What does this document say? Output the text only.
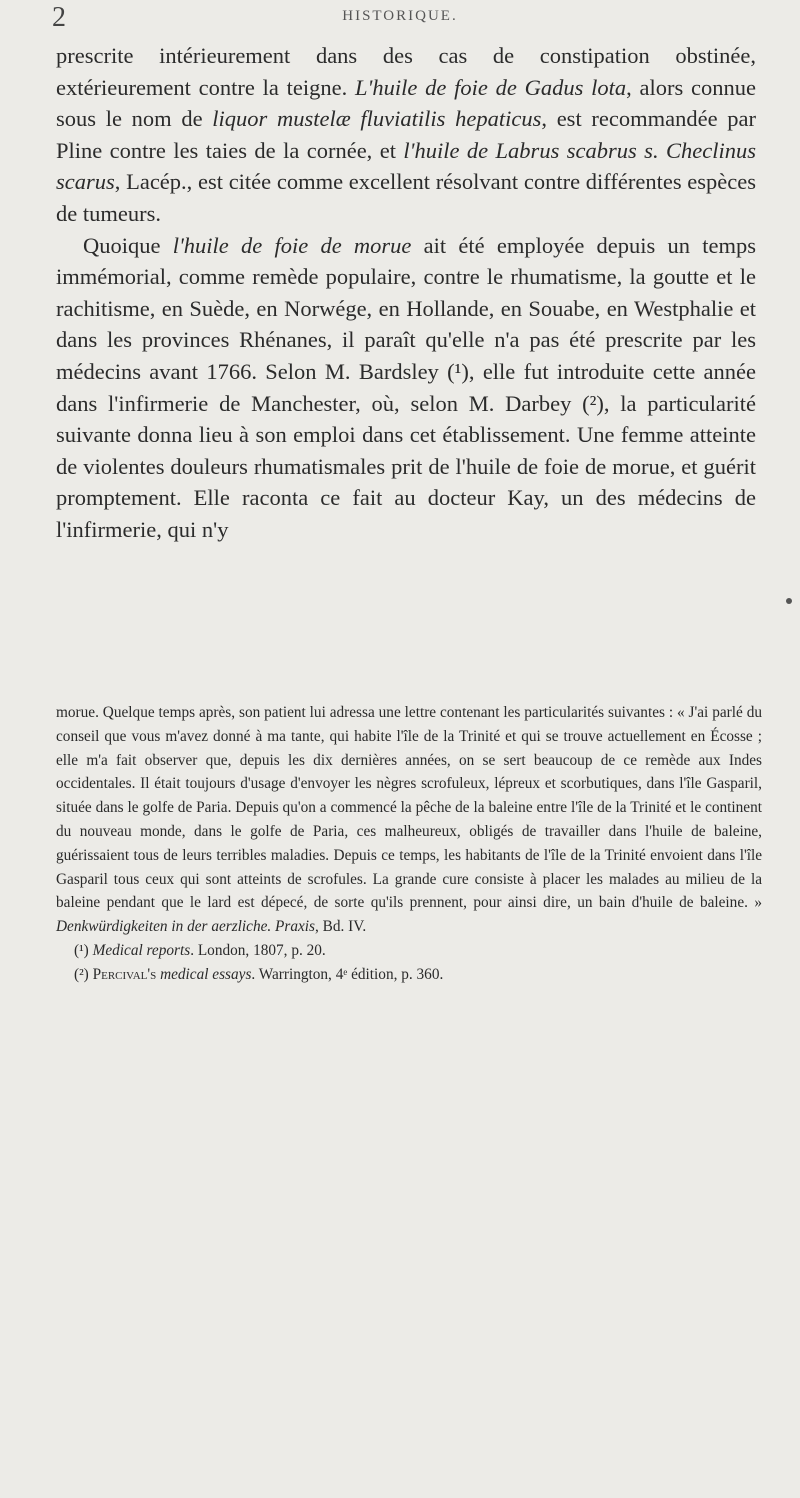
2	HISTORIQUE.

prescrite intérieurement dans des cas de constipation obstinée, extérieurement contre la teigne. L'huile de foie de Gadus lota, alors connue sous le nom de liquor mustelæ fluviatilis hepaticus, est recommandée par Pline contre les taies de la cornée, et l'huile de Labrus scabrus s. Checlinus scarus, Lacép., est citée comme excellent résolvant contre différentes espèces de tumeurs.

Quoique l'huile de foie de morue ait été employée depuis un temps immémorial, comme remède populaire, contre le rhumatisme, la goutte et le rachitisme, en Suède, en Norwége, en Hollande, en Souabe, en Westphalie et dans les provinces Rhénanes, il paraît qu'elle n'a pas été prescrite par les médecins avant 1766. Selon M. Bardsley (¹), elle fut introduite cette année dans l'infirmerie de Manchester, où, selon M. Darbey (²), la particularité suivante donna lieu à son emploi dans cet établissement. Une femme atteinte de violentes douleurs rhumatismales prit de l'huile de foie de morue, et guérit promptement. Elle raconta ce fait au docteur Kay, un des médecins de l'infirmerie, qui n'y

morue. Quelque temps après, son patient lui adressa une lettre contenant les particularités suivantes : « J'ai parlé du conseil que vous m'avez donné à ma tante, qui habite l'île de la Trinité et qui se trouve actuellement en Écosse ; elle m'a fait observer que, depuis les dix dernières années, on se sert beaucoup de ce remède aux Indes occidentales. Il était toujours d'usage d'envoyer les nègres scrofuleux, lépreux et scorbutiques, dans l'île Gasparil, située dans le golfe de Paria. Depuis qu'on a commencé la pêche de la baleine entre l'île de la Trinité et le continent du nouveau monde, dans le golfe de Paria, ces malheureux, obligés de travailler dans l'huile de baleine, guérissaient tous de leurs terribles maladies. Depuis ce temps, les habitants de l'île de la Trinité envoient dans l'île Gasparil tous ceux qui sont atteints de scrofules. La grande cure consiste à placer les malades au milieu de la baleine pendant que le lard est dépecé, de sorte qu'ils prennent, pour ainsi dire, un bain d'huile de baleine. » Denkwürdigkeiten in der aerzliche. Praxis, Bd. IV.

(¹) Medical reports. London, 1807, p. 20.

(²) Percival's medical essays. Warrington, 4ᵉ édition, p. 360.
